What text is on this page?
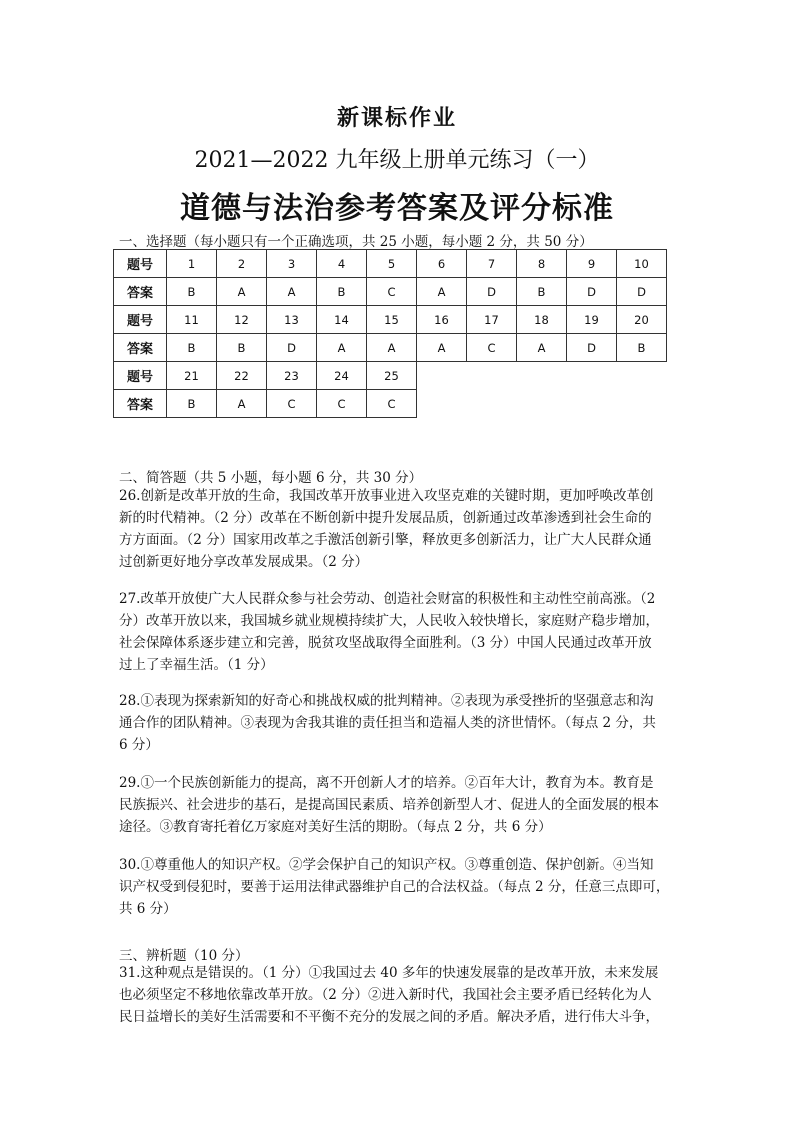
新课标作业
2021—2022 九年级上册单元练习（一）
道德与法治参考答案及评分标准
一、选择题（每小题只有一个正确选项，共 25 小题，每小题 2 分，共 50 分）
题号	1	2	3	4	5	6	7	8	9	10
答案	B	A	A	B	C	A	D	B	D	D
题号	11	12	13	14	15	16	17	18	19	20
答案	B	B	D	A	A	A	C	A	D	B
题号	21	22	23	24	25					
答案	B	A	C	C	C					
二、简答题（共 5 小题，每小题 6 分，共 30 分）
26.创新是改革开放的生命，我国改革开放事业进入攻坚克难的关键时期，更加呼唤改革创
新的时代精神。（2 分）改革在不断创新中提升发展品质，创新通过改革渗透到社会生命的
方方面面。（2 分）国家用改革之手激活创新引擎，释放更多创新活力，让广大人民群众通
过创新更好地分享改革发展成果。（2 分）
27.改革开放使广大人民群众参与社会劳动、创造社会财富的积极性和主动性空前高涨。（2
分）改革开放以来，我国城乡就业规模持续扩大，人民收入较快增长，家庭财产稳步增加，
社会保障体系逐步建立和完善，脱贫攻坚战取得全面胜利。（3 分）中国人民通过改革开放
过上了幸福生活。（1 分）
28.①表现为探索新知的好奇心和挑战权威的批判精神。②表现为承受挫折的坚强意志和沟
通合作的团队精神。③表现为舍我其谁的责任担当和造福人类的济世情怀。（每点 2 分，共
6 分）
29.①一个民族创新能力的提高，离不开创新人才的培养。②百年大计，教育为本。教育是
民族振兴、社会进步的基石，是提高国民素质、培养创新型人才、促进人的全面发展的根本
途径。③教育寄托着亿万家庭对美好生活的期盼。（每点 2 分，共 6 分）
30.①尊重他人的知识产权。②学会保护自己的知识产权。③尊重创造、保护创新。④当知
识产权受到侵犯时，要善于运用法律武器维护自己的合法权益。（每点 2 分，任意三点即可，
共 6 分）
三、辨析题（10 分）
31.这种观点是错误的。（1 分）①我国过去 40 多年的快速发展靠的是改革开放，未来发展
也必须坚定不移地依靠改革开放。（2 分）②进入新时代，我国社会主要矛盾已经转化为人
民日益增长的美好生活需要和不平衡不充分的发展之间的矛盾。解决矛盾，进行伟大斗争，
